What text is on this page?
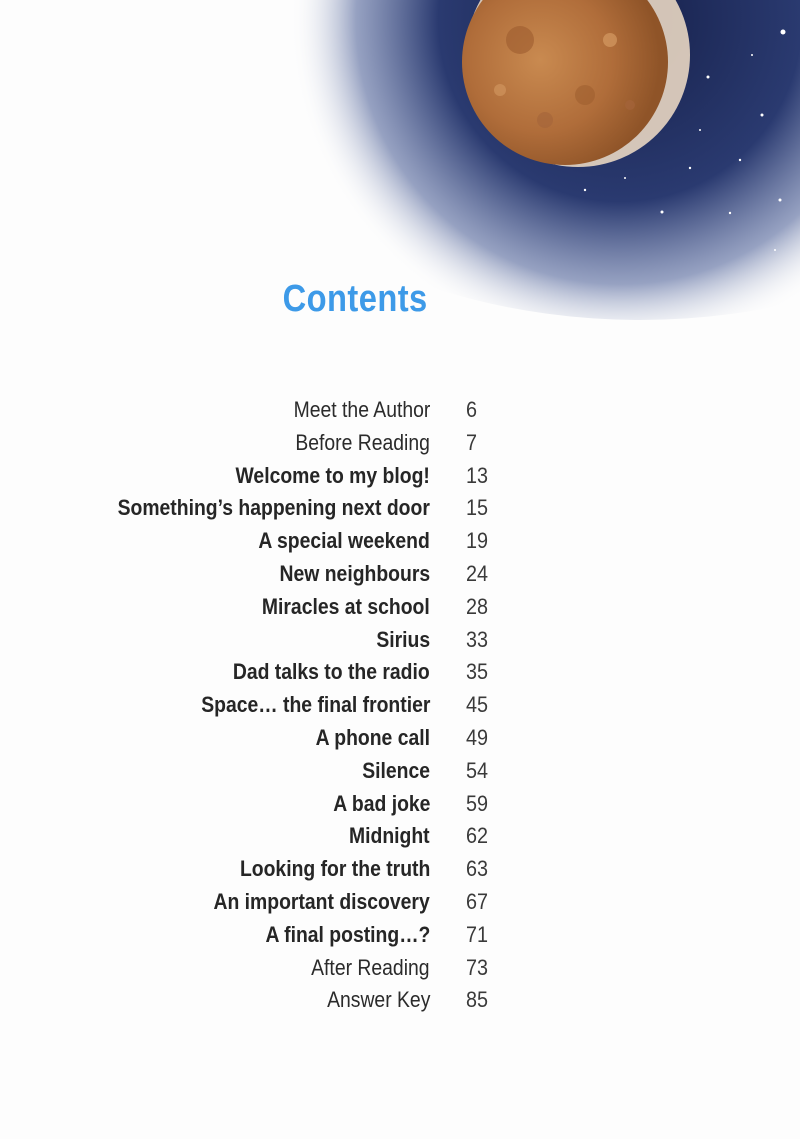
Contents
Meet the Author 6
Before Reading 7
Welcome to my blog! 13
Something’s happening next door 15
A special weekend 19
New neighbours 24
Miracles at school 28
Sirius 33
Dad talks to the radio 35
Space… the final frontier 45
A phone call 49
Silence 54
A bad joke 59
Midnight 62
Looking for the truth 63
An important discovery 67
A final posting…? 71
After Reading 73
Answer Key 85
